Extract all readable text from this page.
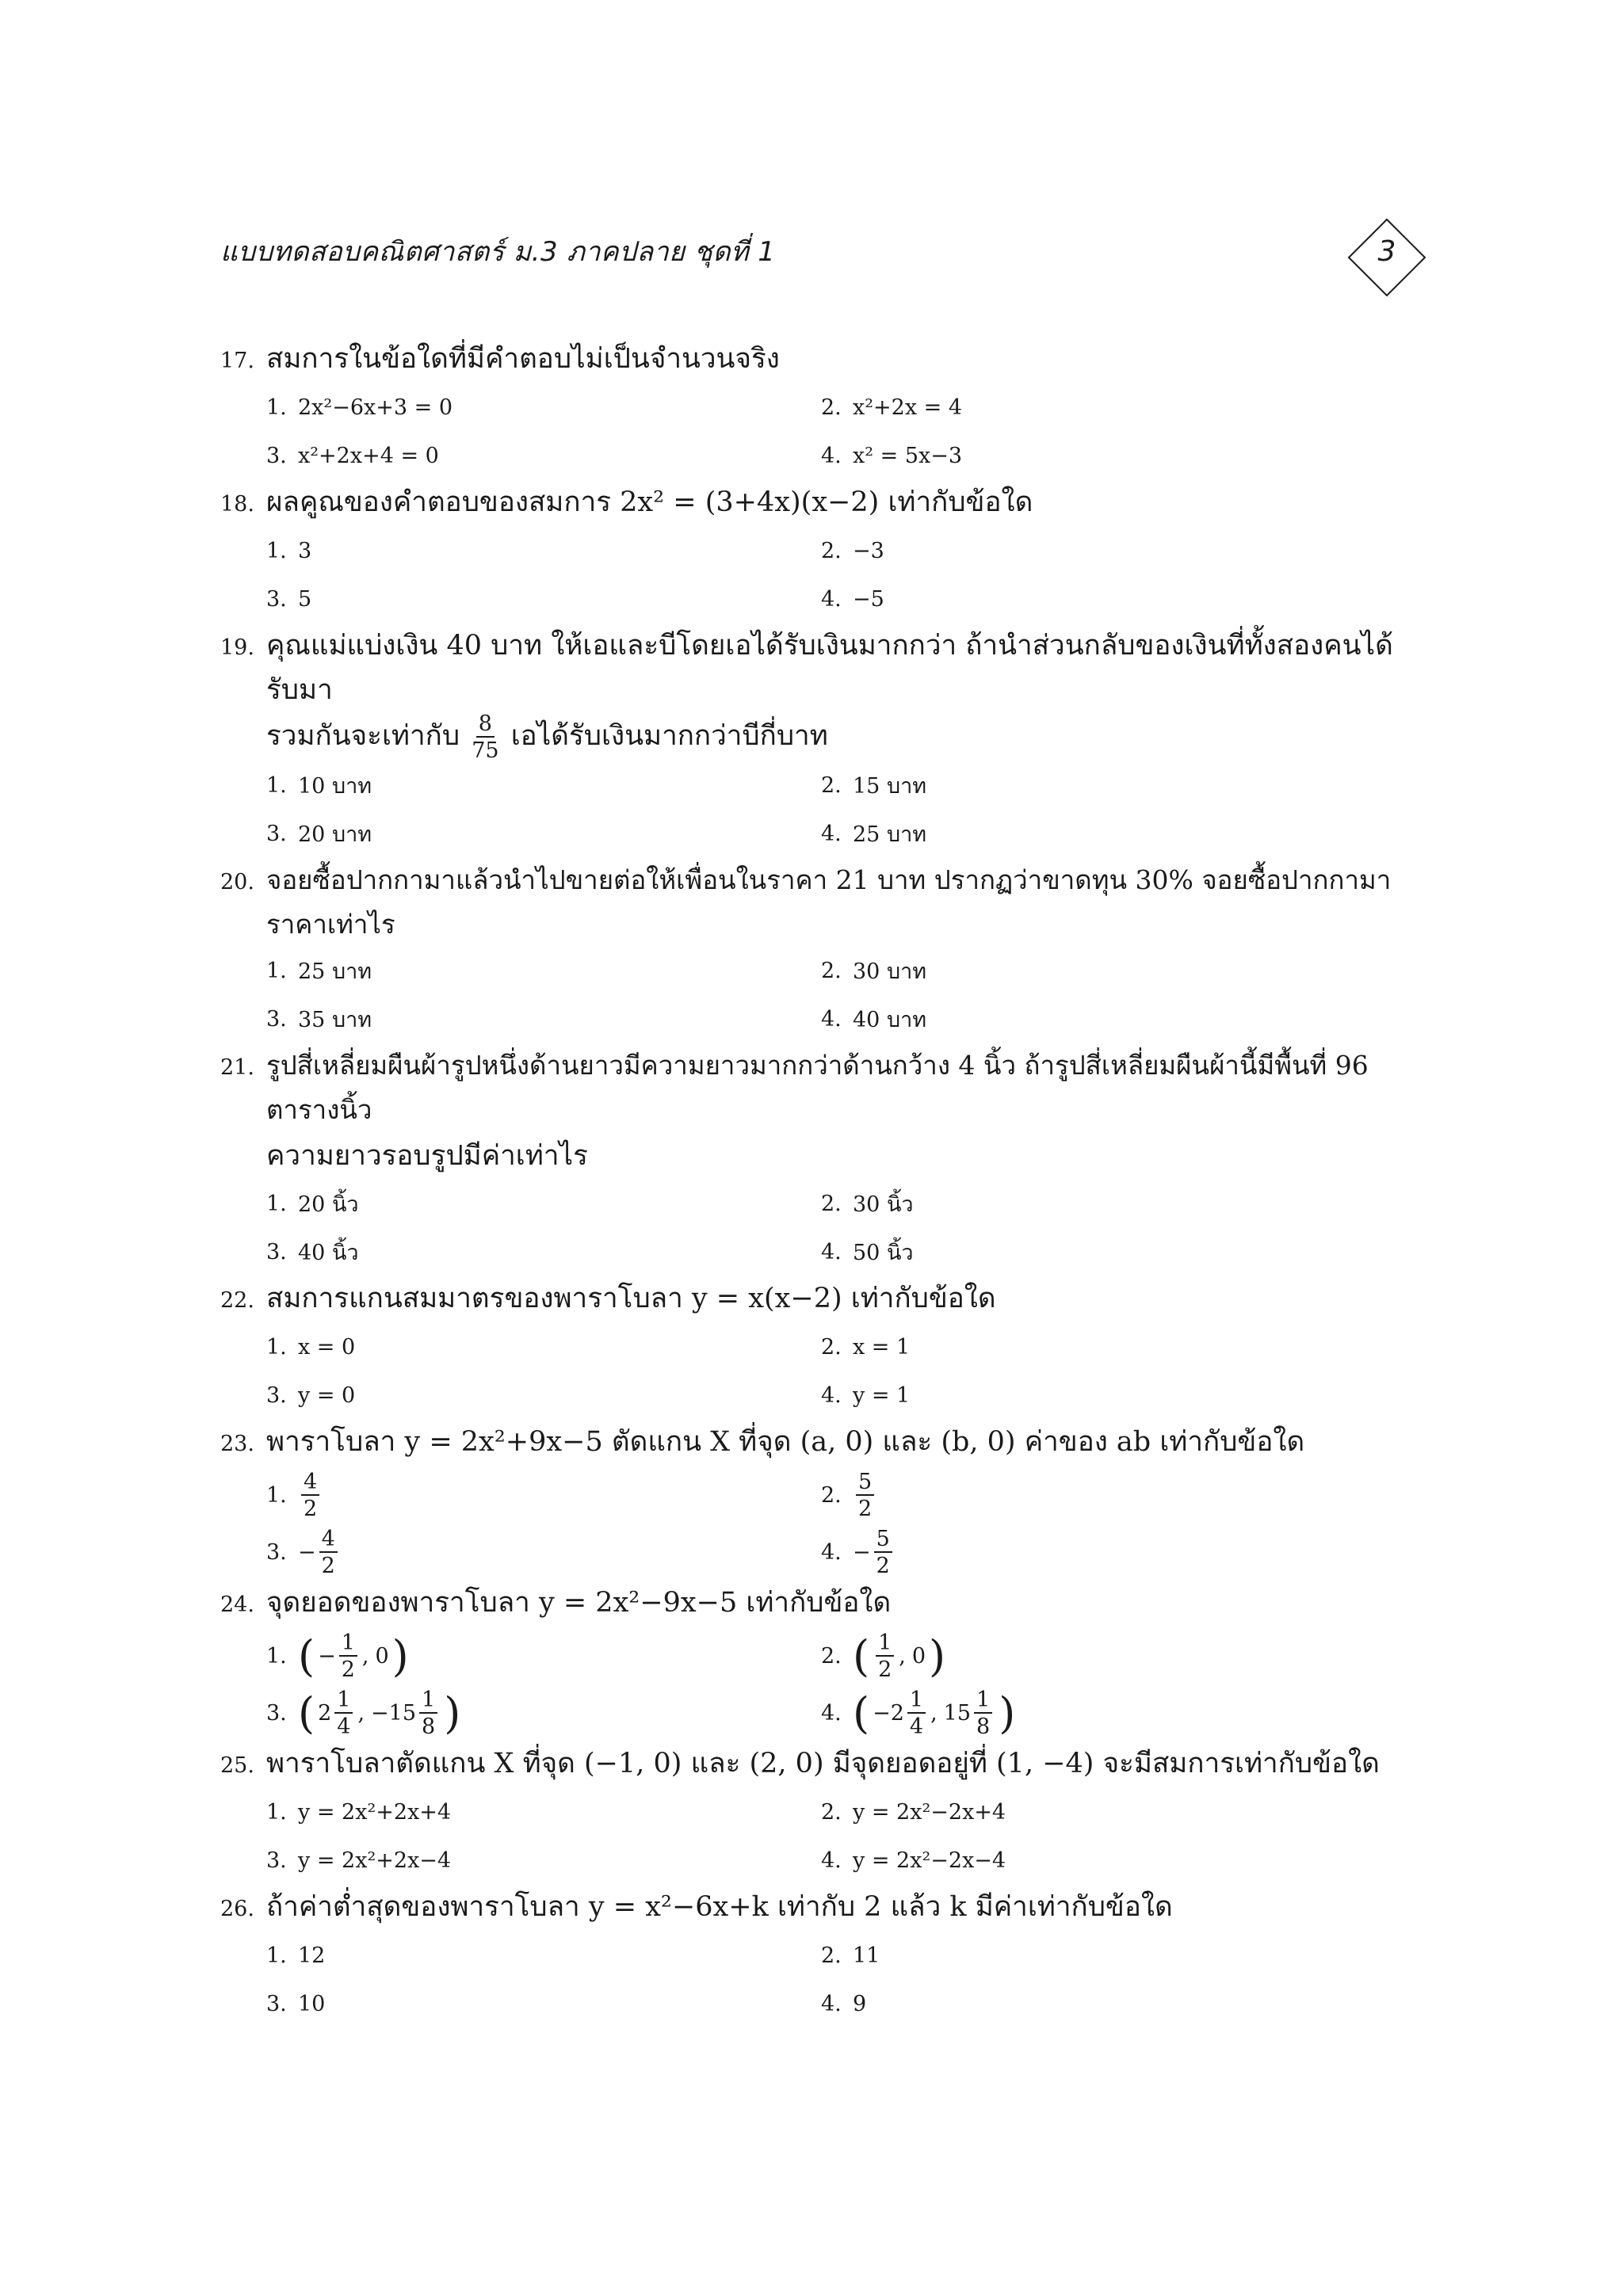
แบบทดสอบคณิตศาสตร์ ม.3 ภาคปลาย ชุดที่ 1	3
17. สมการในข้อใดที่มีคำตอบไม่เป็นจำนวนจริง
1. 2x²−6x+3 = 0	2. x²+2x = 4
3. x²+2x+4 = 0	4. x² = 5x−3
18. ผลคูณของคำตอบของสมการ 2x² = (3+4x)(x−2) เท่ากับข้อใด
1. 3	2. −3
3. 5	4. −5
19. คุณแม่แบ่งเงิน 40 บาท ให้เอและบีโดยเอได้รับเงินมากกว่า ถ้านำส่วนกลับของเงินที่ทั้งสองคนได้รับมา
รวมกันจะเท่ากับ $\frac{8}{75}$ เอได้รับเงินมากกว่าบีกี่บาท
1. 10 บาท	2. 15 บาท
3. 20 บาท	4. 25 บาท
20. จอยซื้อปากกามาแล้วนำไปขายต่อให้เพื่อนในราคา 21 บาท ปรากฏว่าขาดทุน 30% จอยซื้อปากกามาราคาเท่าไร
1. 25 บาท	2. 30 บาท
3. 35 บาท	4. 40 บาท
21. รูปสี่เหลี่ยมผืนผ้ารูปหนึ่งด้านยาวมีความยาวมากกว่าด้านกว้าง 4 นิ้ว ถ้ารูปสี่เหลี่ยมผืนผ้านี้มีพื้นที่ 96 ตารางนิ้ว
ความยาวรอบรูปมีค่าเท่าไร
1. 20 นิ้ว	2. 30 นิ้ว
3. 40 นิ้ว	4. 50 นิ้ว
22. สมการแกนสมมาตรของพาราโบลา y = x(x−2) เท่ากับข้อใด
1. x = 0	2. x = 1
3. y = 0	4. y = 1
23. พาราโบลา y = 2x²+9x−5 ตัดแกน X ที่จุด (a, 0) และ (b, 0) ค่าของ ab เท่ากับข้อใด
1. $\frac{4}{2}$	2. $\frac{5}{2}$
3. − $\frac{4}{2}$	4. − $\frac{5}{2}$
24. จุดยอดของพาราโบลา y = 2x²−9x−5 เท่ากับข้อใด
1. ( − $\frac{1}{2}$ , 0 )	2. ( $\frac{1}{2}$ , 0 )
3. ( $2 \frac{1}{4}$ , − $15 \frac{1}{8}$ )	4. ( − $2 \frac{1}{4}$ , $15 \frac{1}{8}$ )
25. พาราโบลาตัดแกน X ที่จุด (−1, 0) และ (2, 0) มีจุดยอดอยู่ที่ (1, −4) จะมีสมการเท่ากับข้อใด
1. y = 2x²+2x+4	2. y = 2x²−2x+4
3. y = 2x²+2x−4	4. y = 2x²−2x−4
26. ถ้าค่าต่ำสุดของพาราโบลา y = x²−6x+k เท่ากับ 2 แล้ว k มีค่าเท่ากับข้อใด
1. 12	2. 11
3. 10	4. 9
